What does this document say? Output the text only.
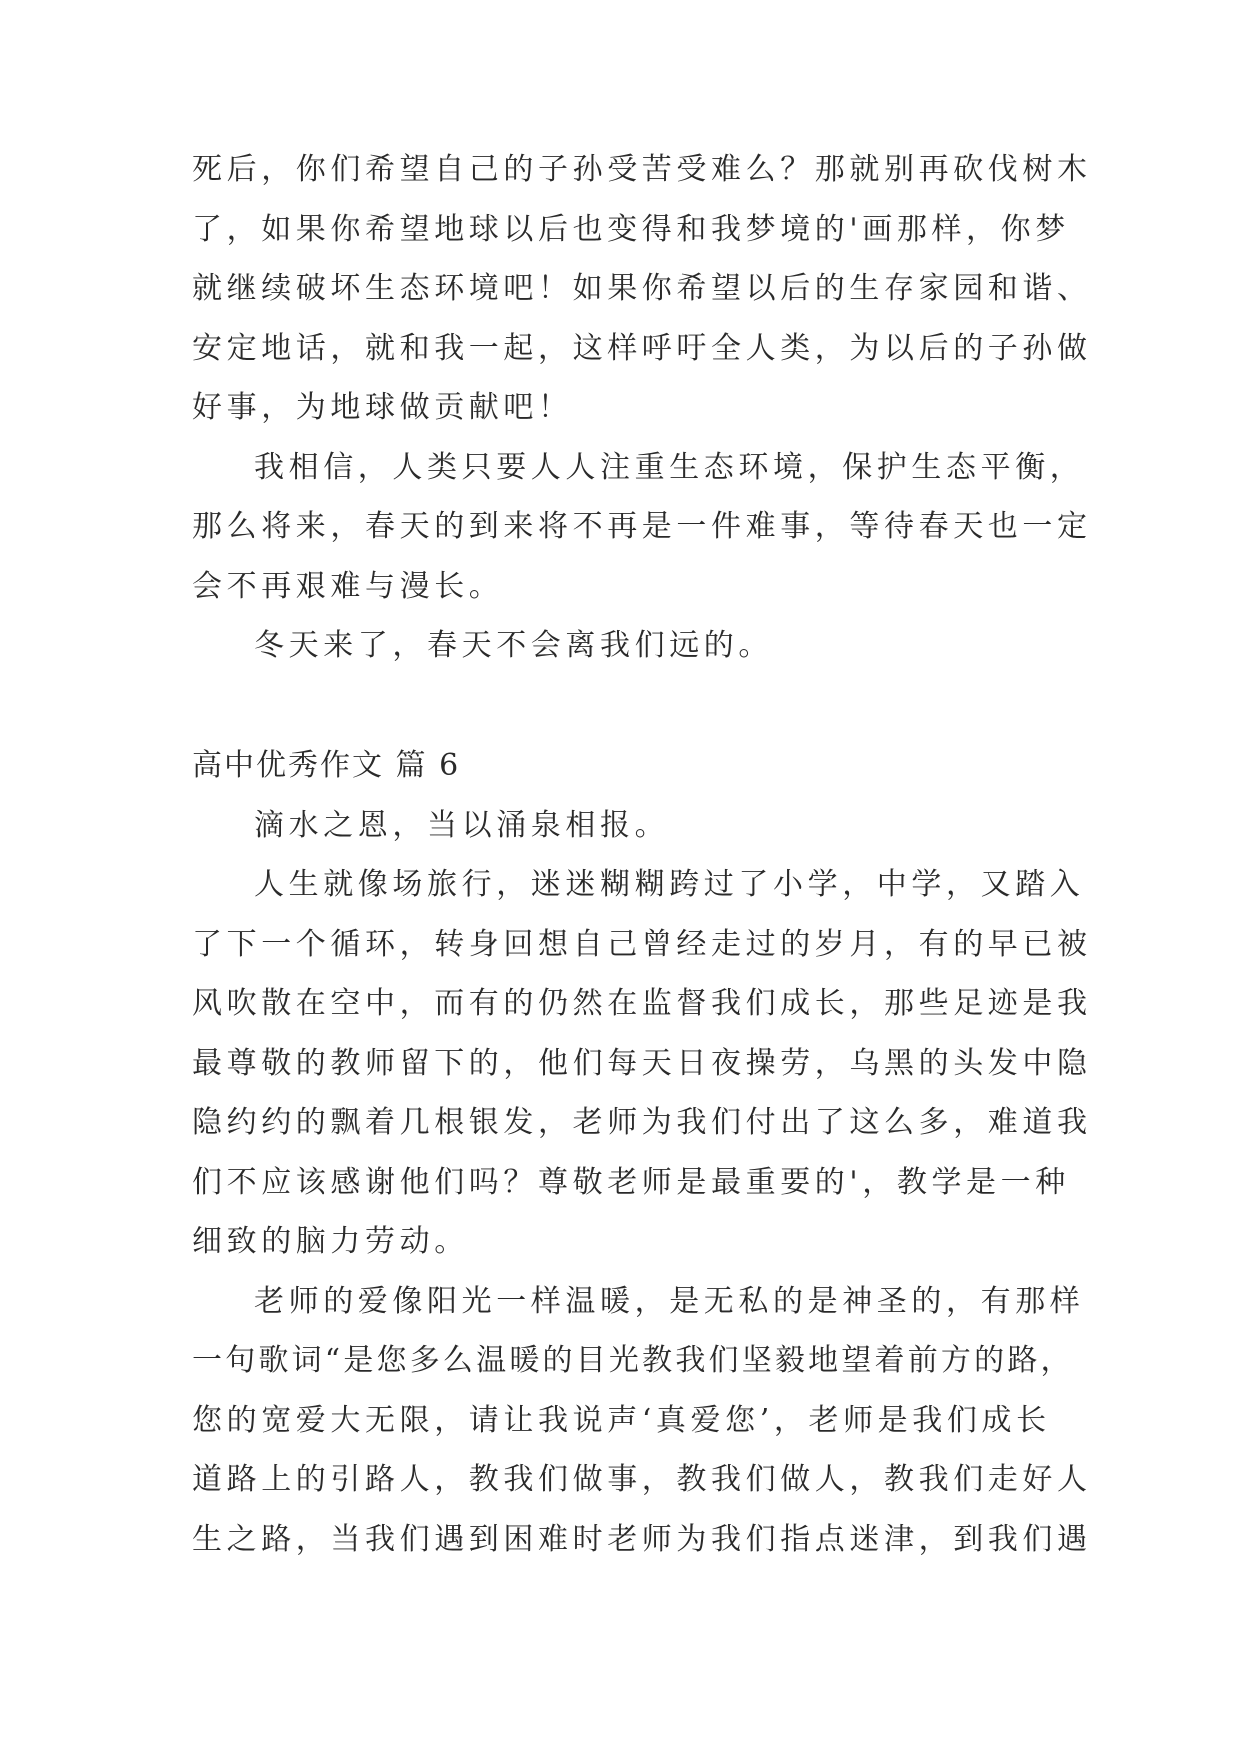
死后，你们希望自己的子孙受苦受难么？那就别再砍伐树木

了，如果你希望地球以后也变得和我梦境的'画那样，你梦

就继续破坏生态环境吧！如果你希望以后的生存家园和谐、

安定地话，就和我一起，这样呼吁全人类，为以后的子孙做

好事，为地球做贡献吧！

我相信，人类只要人人注重生态环境，保护生态平衡，

那么将来，春天的到来将不再是一件难事，等待春天也一定

会不再艰难与漫长。

冬天来了，春天不会离我们远的。

高中优秀作文 篇 6

滴水之恩，当以涌泉相报。

人生就像场旅行，迷迷糊糊跨过了小学，中学，又踏入

了下一个循环，转身回想自己曾经走过的岁月，有的早已被

风吹散在空中，而有的仍然在监督我们成长，那些足迹是我

最尊敬的教师留下的，他们每天日夜操劳，乌黑的头发中隐

隐约约的飘着几根银发，老师为我们付出了这么多，难道我

们不应该感谢他们吗？尊敬老师是最重要的'，教学是一种

细致的脑力劳动。

老师的爱像阳光一样温暖，是无私的是神圣的，有那样

一句歌词“是您多么温暖的目光教我们坚毅地望着前方的路，

您的宽爱大无限，请让我说声‘真爱您’，老师是我们成长

道路上的引路人，教我们做事，教我们做人，教我们走好人

生之路，当我们遇到困难时老师为我们指点迷津，到我们遇
